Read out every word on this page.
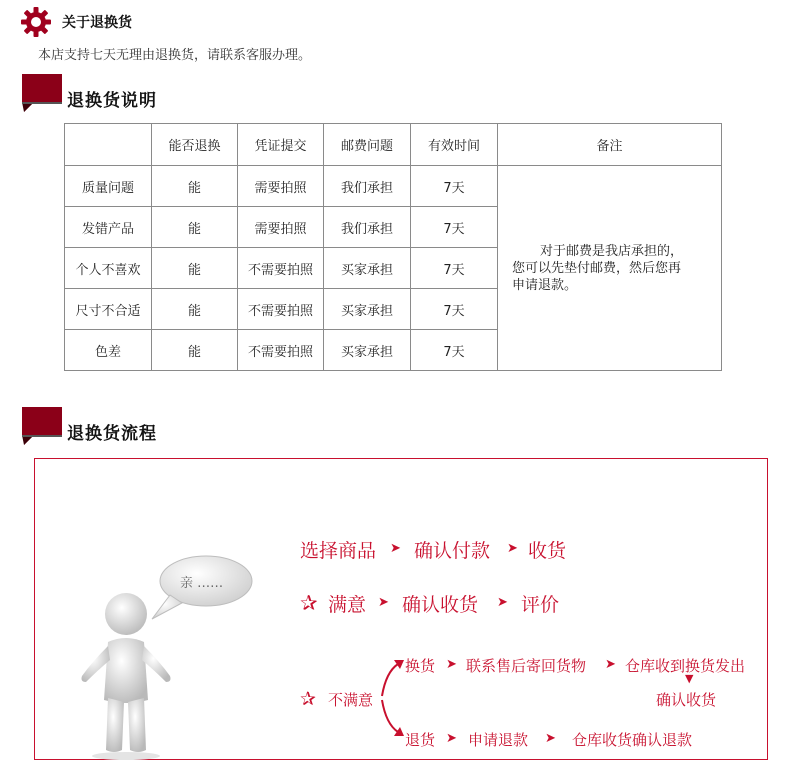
关于退换货
本店支持七天无理由退换货，请联系客服办理。
退换货说明
	能否退换	凭证提交	邮费问题	有效时间	备注
质量问题	能	需要拍照	我们承担	7天	对于邮费是我店承担的，
您可以先垫付邮费，然后您再
申请退款。

发错产品	能	需要拍照	我们承担	7天	
个人不喜欢	能	不需要拍照	买家承担	7天	
尺寸不合适	能	不需要拍照	买家承担	7天	
色差	能	不需要拍照	买家承担	7天	
退换货流程
亲 ……
选择商品 ➤ 确认付款 ➤ 收货
✰ 满意 ➤ 确认收货 ➤ 评价
✰ 不满意
换货 ➤ 联系售后寄回货物 ➤ 仓库收到换货发出
▼
确认收货
退货 ➤ 申请退款 ➤ 仓库收货确认退款
